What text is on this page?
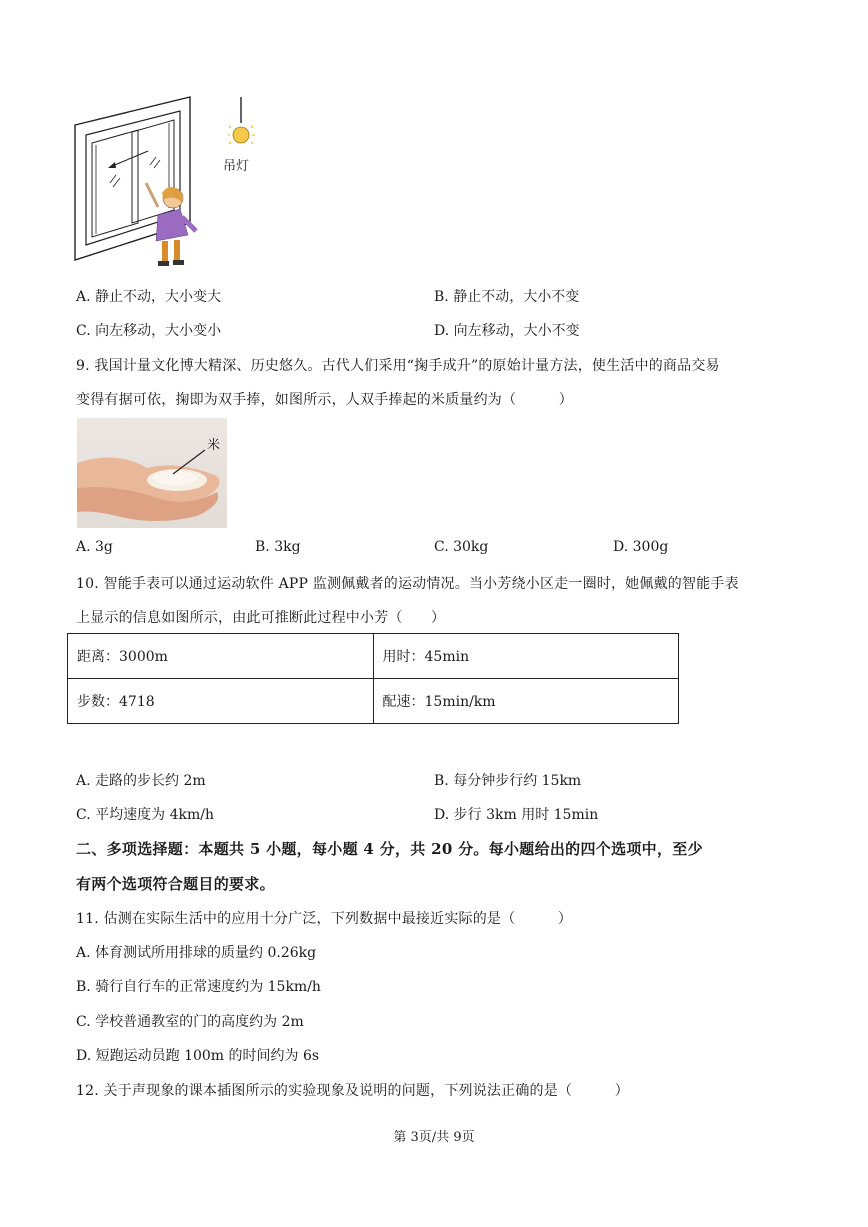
吊灯
A. 静止不动，大小变大	B. 静止不动，大小不变
C. 向左移动，大小变小	D. 向左移动，大小不变
9. 我国计量文化博大精深、历史悠久。古代人们采用“掬手成升”的原始计量方法，使生活中的商品交易
变得有据可依，掬即为双手捧，如图所示，人双手捧起的米质量约为（　　　）
米
A. 3g	B. 3kg	C. 30kg	D. 300g
10. 智能手表可以通过运动软件 APP 监测佩戴者的运动情况。当小芳绕小区走一圈时，她佩戴的智能手表
上显示的信息如图所示，由此可推断此过程中小芳（　　）
距离：3000m	用时：45min
步数：4718	配速：15min/km
A. 走路的步长约 2m	B. 每分钟步行约 15km
C. 平均速度为 4km/h	D. 步行 3km 用时 15min
二、多项选择题：本题共 5 小题，每小题 4 分，共 20 分。每小题给出的四个选项中，至少
有两个选项符合题目的要求。
11. 估测在实际生活中的应用十分广泛，下列数据中最接近实际的是（　　　）
A. 体育测试所用排球的质量约 0.26kg
B. 骑行自行车的正常速度约为 15km/h
C. 学校普通教室的门的高度约为 2m
D. 短跑运动员跑 100m 的时间约为 6s
12. 关于声现象的课本插图所示的实验现象及说明的问题，下列说法正确的是（　　　）
第 3页/共 9页
